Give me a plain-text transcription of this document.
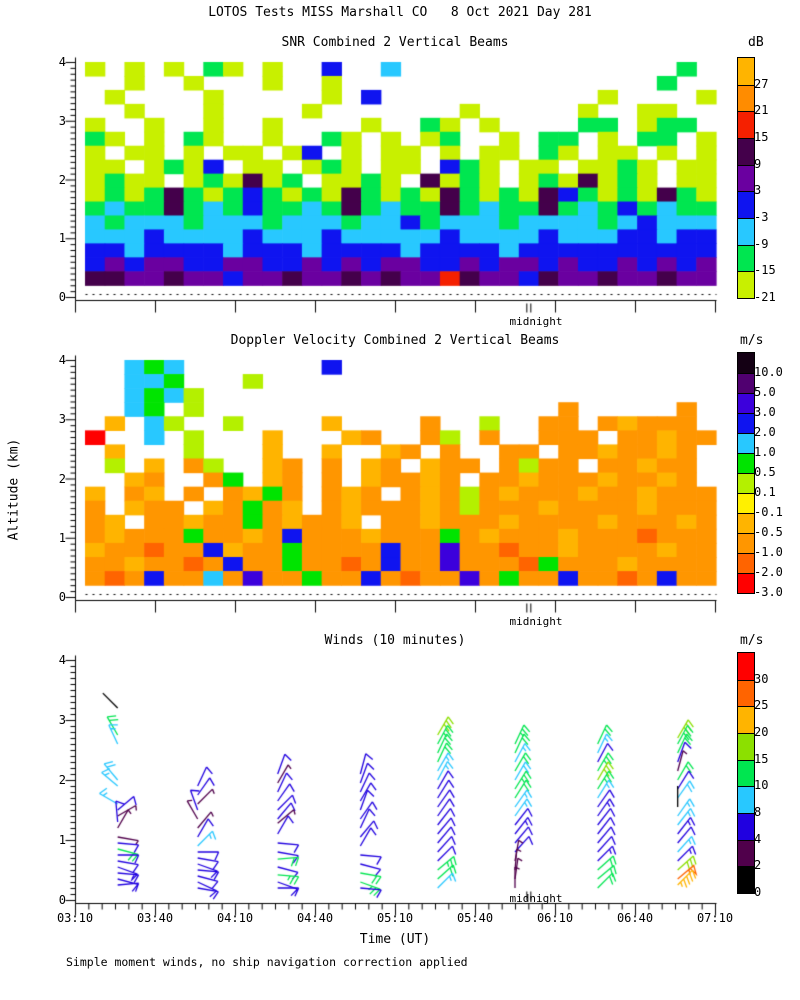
LOTOS Tests MISS Marshall CO   8 Oct 2021 Day 281
SNR Combined 2 Vertical Beams	dB
Doppler Velocity Combined 2 Vertical Beams	m/s
Winds (10 minutes)	m/s
Altitude (km)
Time (UT)
Simple moment winds, no ship navigation correction applied
midnight
midnight
midnight
4
3
2
1
0
4
3
2
1
0
4
3
2
1
0
03:10	03:40	04:10	04:40	05:10	05:40	06:10	06:40	07:10
27
21
15
9
3
-3
-9
-15
-21
10.0
5.0
3.0
2.0
1.0
0.5
0.1
-0.1
-0.5
-1.0
-2.0
-3.0
30
25
20
15
10
8
4
2
0
